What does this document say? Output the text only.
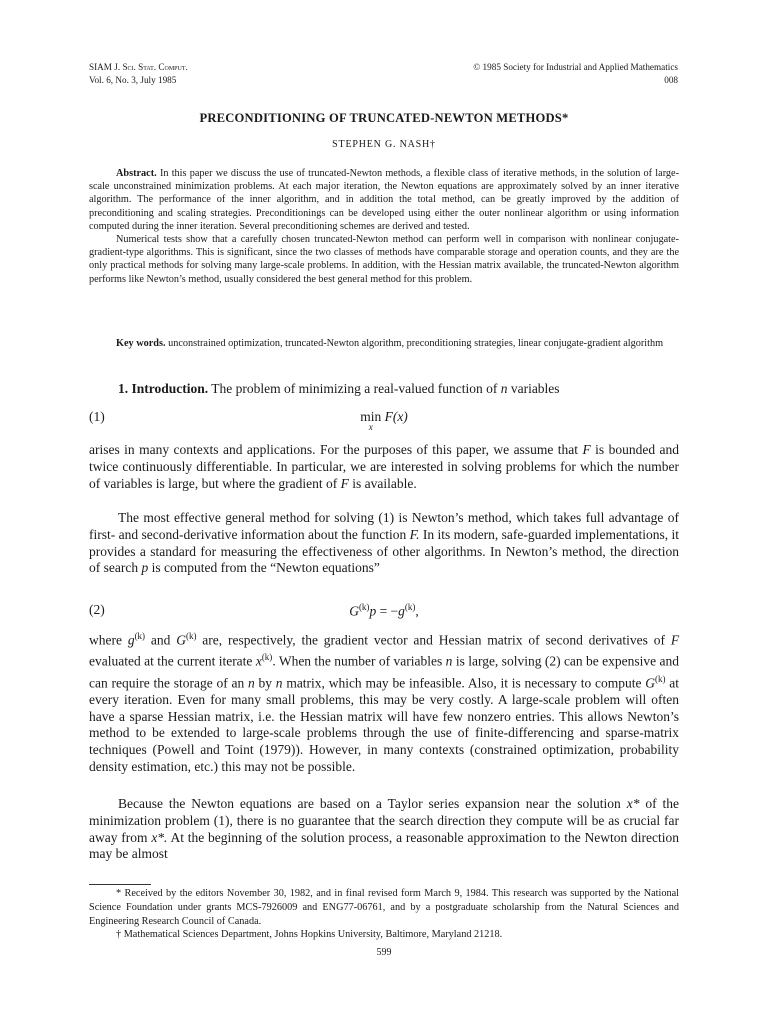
SIAM J. Sci. Stat. Comput.
Vol. 6, No. 3, July 1985
© 1985 Society for Industrial and Applied Mathematics
008
PRECONDITIONING OF TRUNCATED-NEWTON METHODS*
STEPHEN G. NASH†

Abstract. In this paper we discuss the use of truncated-Newton methods, a flexible class of iterative methods, in the solution of large-scale unconstrained minimization problems. At each major iteration, the Newton equations are approximately solved by an inner iterative algorithm. The performance of the inner algorithm, and in addition the total method, can be greatly improved by the addition of preconditioning and scaling strategies. Preconditionings can be developed using either the outer nonlinear algorithm or using information computed during the inner iteration. Several preconditioning schemes are derived and tested.

Numerical tests show that a carefully chosen truncated-Newton method can perform well in comparison with nonlinear conjugate-gradient-type algorithms. This is significant, since the two classes of methods have comparable storage and operation counts, and they are the only practical methods for solving many large-scale problems. In addition, with the Hessian matrix available, the truncated-Newton algorithm performs like Newton’s method, usually considered the best general method for this problem.

Key words. unconstrained optimization, truncated-Newton algorithm, preconditioning strategies, linear conjugate-gradient algorithm

1. Introduction. The problem of minimizing a real-valued function of n variables

(1)	min
x
F(x)

arises in many contexts and applications. For the purposes of this paper, we assume that F is bounded and twice continuously differentiable. In particular, we are interested in solving problems for which the number of variables is large, but where the gradient of F is available.

The most effective general method for solving (1) is Newton’s method, which takes full advantage of first- and second-derivative information about the function F. In its modern, safe-guarded implementations, it provides a standard for measuring the effectiveness of other algorithms. In Newton’s method, the direction of search p is computed from the “Newton equations”

(2)	$G^{(k)}p = -g^{(k)}$,

where $g^{(k)}$ and $G^{(k)}$ are, respectively, the gradient vector and Hessian matrix of second derivatives of F evaluated at the current iterate $x^{(k)}$. When the number of variables n is large, solving (2) can be expensive and can require the storage of an n by n matrix, which may be infeasible. Also, it is necessary to compute $G^{(k)}$ at every iteration. Even for many small problems, this may be very costly. A large-scale problem will often have a sparse Hessian matrix, i.e. the Hessian matrix will have few nonzero entries. This allows Newton’s method to be extended to large-scale problems through the use of finite-differencing and sparse-matrix techniques (Powell and Toint (1979)). However, in many contexts (constrained optimization, probability density estimation, etc.) this may not be possible.

Because the Newton equations are based on a Taylor series expansion near the solution x* of the minimization problem (1), there is no guarantee that the search direction they compute will be as crucial far away from x*. At the beginning of the solution process, a reasonable approximation to the Newton direction may be almost

* Received by the editors November 30, 1982, and in final revised form March 9, 1984. This research was supported by the National Science Foundation under grants MCS-7926009 and ENG77-06761, and by a postgraduate scholarship from the Natural Sciences and Engineering Research Council of Canada.

† Mathematical Sciences Department, Johns Hopkins University, Baltimore, Maryland 21218.

599
